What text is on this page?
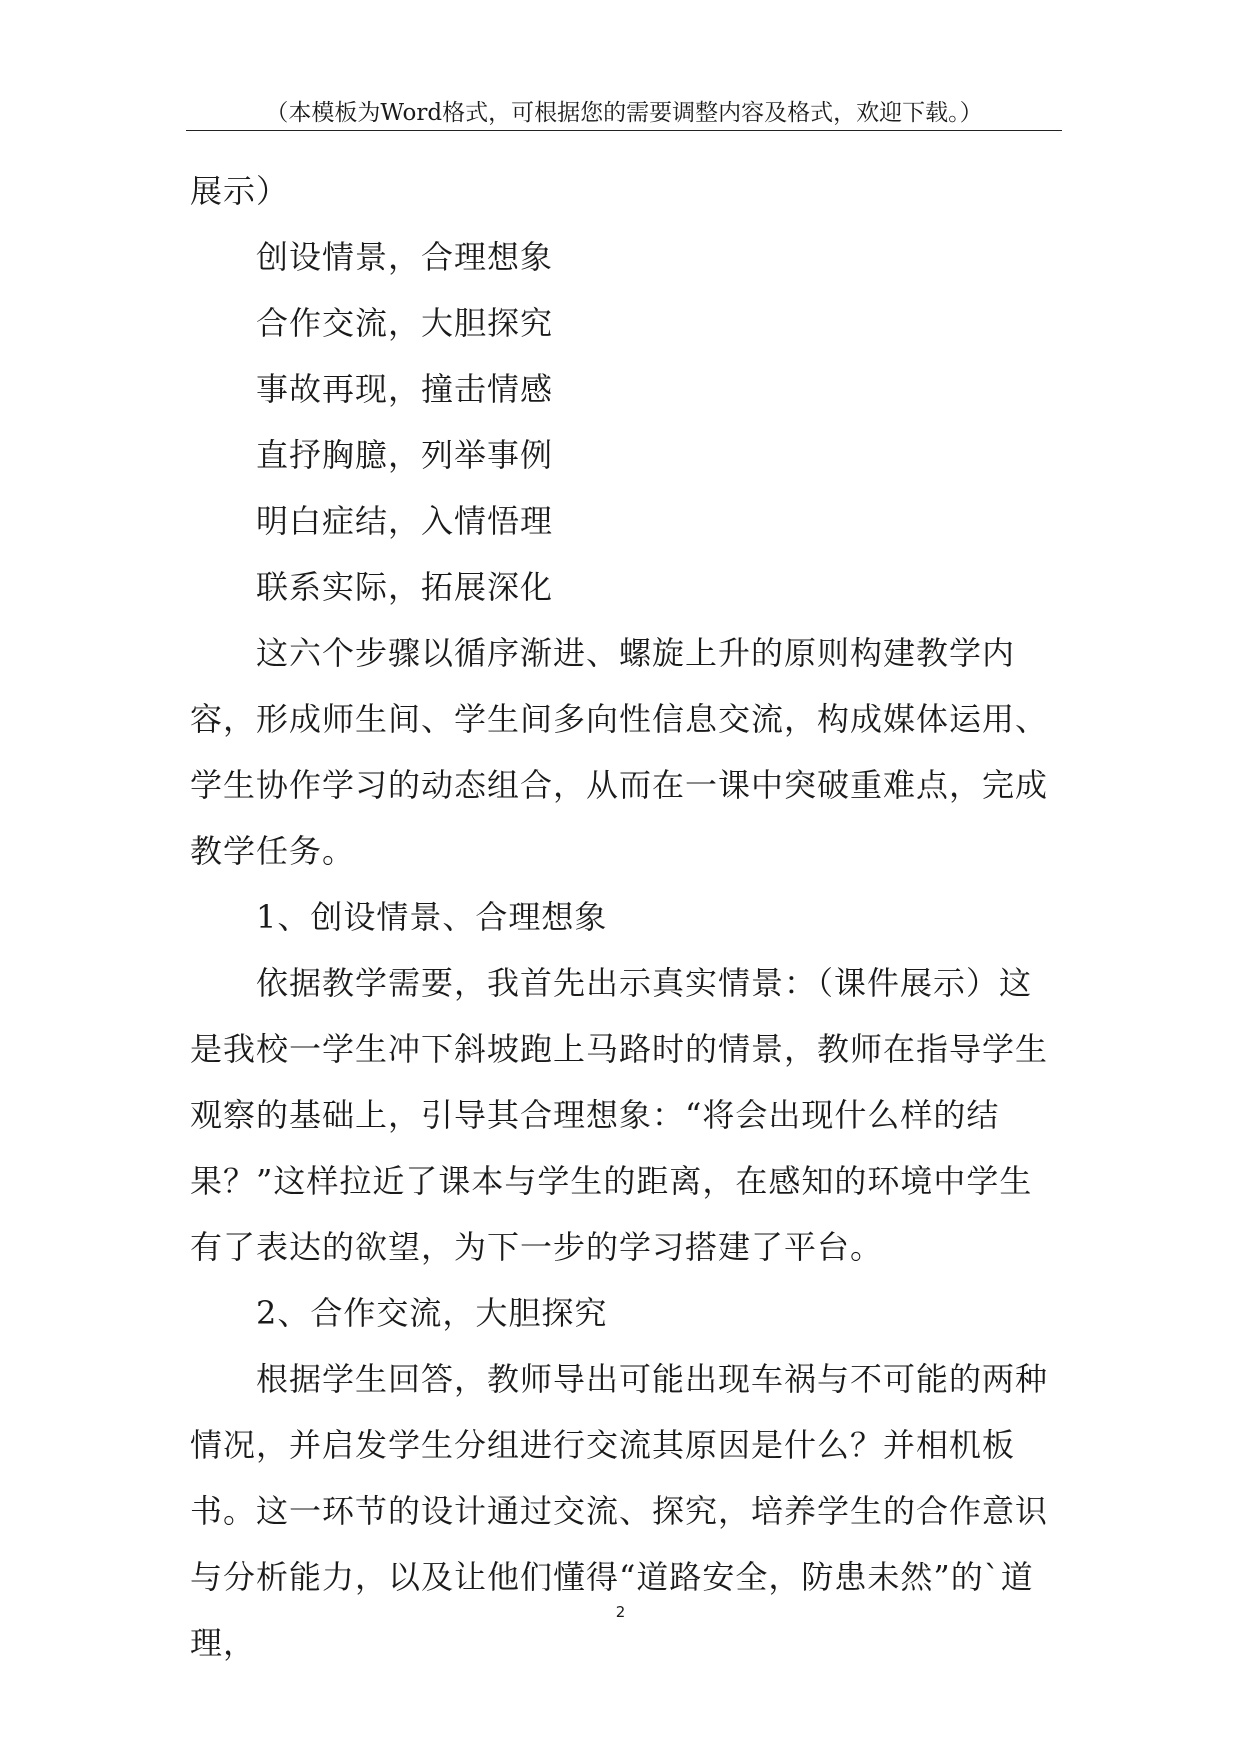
（本模板为Word格式，可根据您的需要调整内容及格式，欢迎下载。）

展示）

创设情景，合理想象

合作交流，大胆探究

事故再现，撞击情感

直抒胸臆，列举事例

明白症结，入情悟理

联系实际，拓展深化

这六个步骤以循序渐进、螺旋上升的原则构建教学内容，形成师生间、学生间多向性信息交流，构成媒体运用、学生协作学习的动态组合，从而在一课中突破重难点，完成教学任务。

1、创设情景、合理想象

依据教学需要，我首先出示真实情景：（课件展示）这是我校一学生冲下斜坡跑上马路时的情景，教师在指导学生观察的基础上，引导其合理想象：“将会出现什么样的结果？”这样拉近了课本与学生的距离，在感知的环境中学生有了表达的欲望，为下一步的学习搭建了平台。

2、合作交流，大胆探究

根据学生回答，教师导出可能出现车祸与不可能的两种情况，并启发学生分组进行交流其原因是什么？并相机板书。这一环节的设计通过交流、探究，培养学生的合作意识与分析能力，以及让他们懂得“道路安全，防患未然”的`道理，

2
